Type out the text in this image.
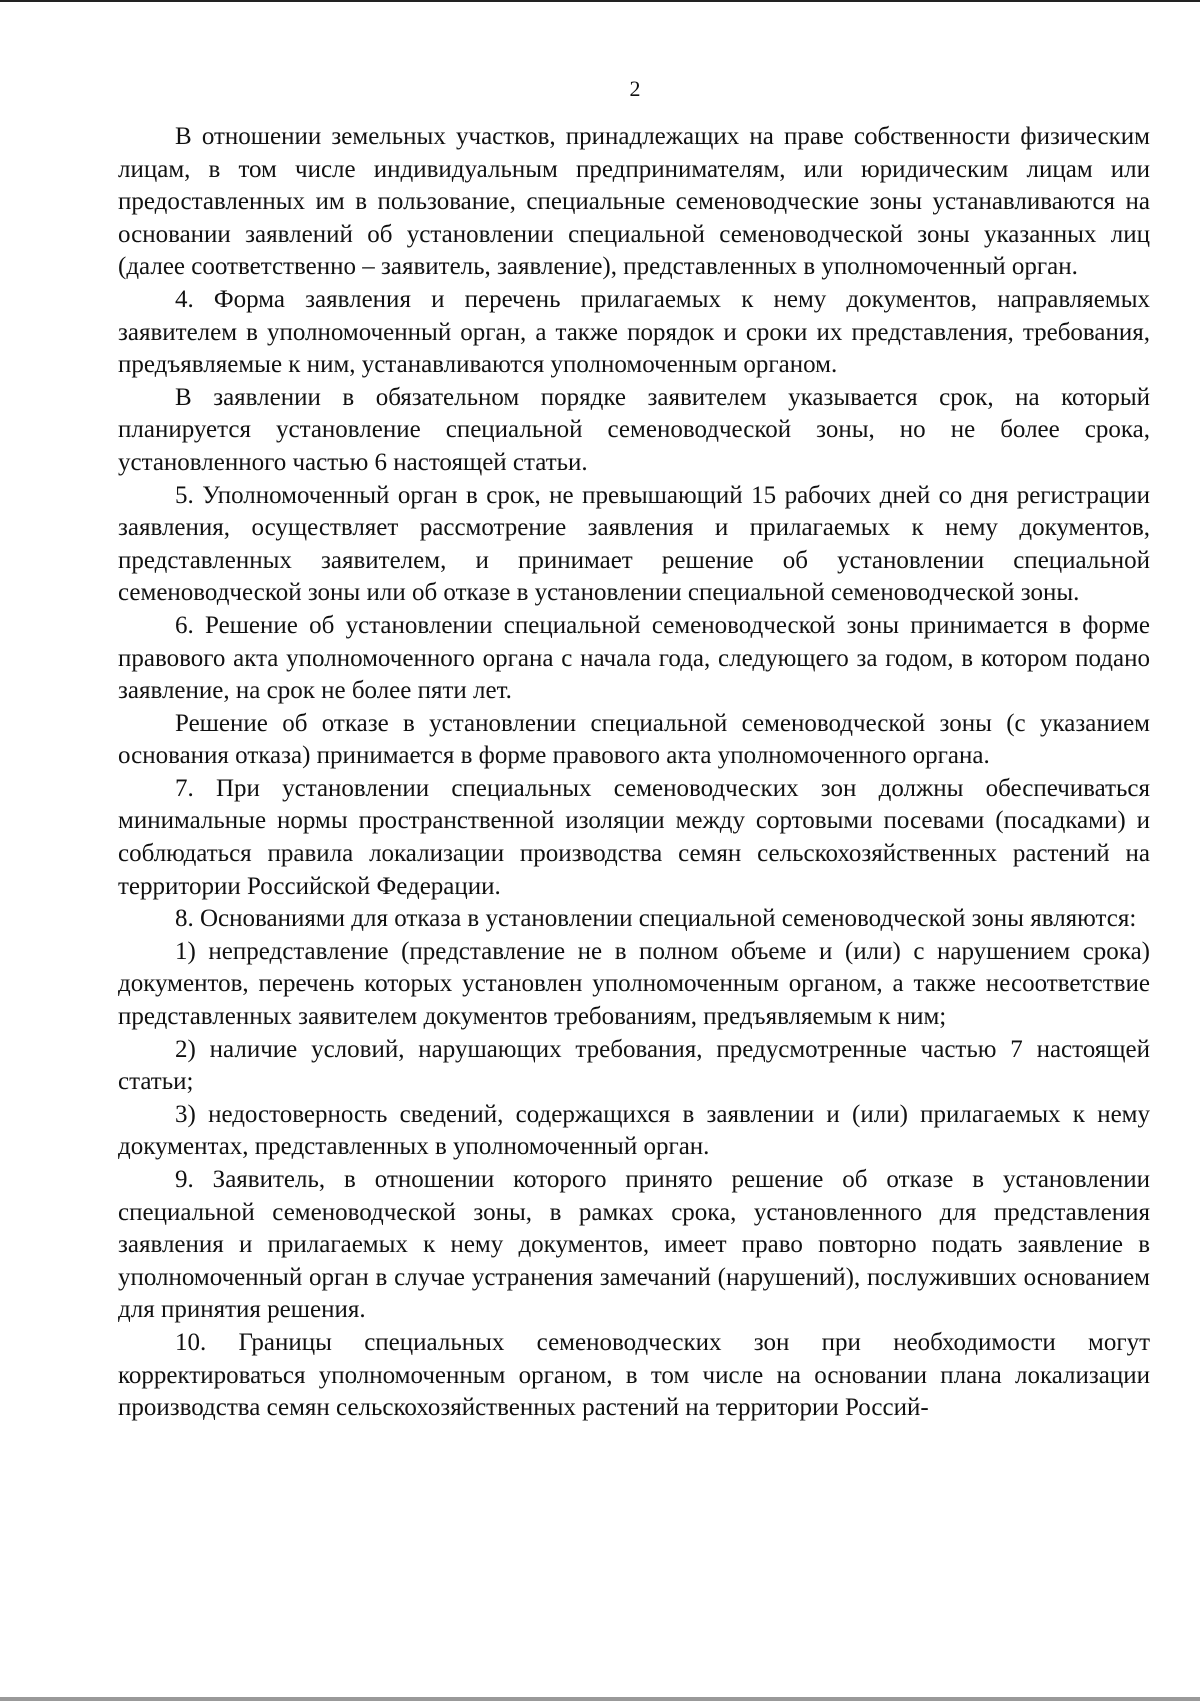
2

В отношении земельных участков, принадлежащих на праве собственности физическим лицам, в том числе индивидуальным предпринимателям, или юридическим лицам или предоставленных им в пользование, специальные семеноводческие зоны устанавливаются на основании заявлений об установлении специальной семеноводческой зоны указанных лиц (далее соответственно – заявитель, заявление), представленных в уполномоченный орган.

4. Форма заявления и перечень прилагаемых к нему документов, направляемых заявителем в уполномоченный орган, а также порядок и сроки их представления, требования, предъявляемые к ним, устанавливаются уполномоченным органом.

В заявлении в обязательном порядке заявителем указывается срок, на который планируется установление специальной семеноводческой зоны, но не более срока, установленного частью 6 настоящей статьи.

5. Уполномоченный орган в срок, не превышающий 15 рабочих дней со дня регистрации заявления, осуществляет рассмотрение заявления и прилагаемых к нему документов, представленных заявителем, и принимает решение об установлении специальной семеноводческой зоны или об отказе в установлении специальной семеноводческой зоны.

6. Решение об установлении специальной семеноводческой зоны принимается в форме правового акта уполномоченного органа с начала года, следующего за годом, в котором подано заявление, на срок не более пяти лет.

Решение об отказе в установлении специальной семеноводческой зоны (с указанием основания отказа) принимается в форме правового акта уполномоченного органа.

7. При установлении специальных семеноводческих зон должны обеспечиваться минимальные нормы пространственной изоляции между сортовыми посевами (посадками) и соблюдаться правила локализации производства семян сельскохозяйственных растений на территории Российской Федерации.

8. Основаниями для отказа в установлении специальной семеноводческой зоны являются:

1) непредставление (представление не в полном объеме и (или) с нарушением срока) документов, перечень которых установлен уполномоченным органом, а также несоответствие представленных заявителем документов требованиям, предъявляемым к ним;

2) наличие условий, нарушающих требования, предусмотренные частью 7 настоящей статьи;

3) недостоверность сведений, содержащихся в заявлении и (или) прилагаемых к нему документах, представленных в уполномоченный орган.

9. Заявитель, в отношении которого принято решение об отказе в установлении специальной семеноводческой зоны, в рамках срока, установленного для представления заявления и прилагаемых к нему документов, имеет право повторно подать заявление в уполномоченный орган в случае устранения замечаний (нарушений), послуживших основанием для принятия решения.

10. Границы специальных семеноводческих зон при необходимости могут корректироваться уполномоченным органом, в том числе на основании плана локализации производства семян сельскохозяйственных растений на территории Россий-
